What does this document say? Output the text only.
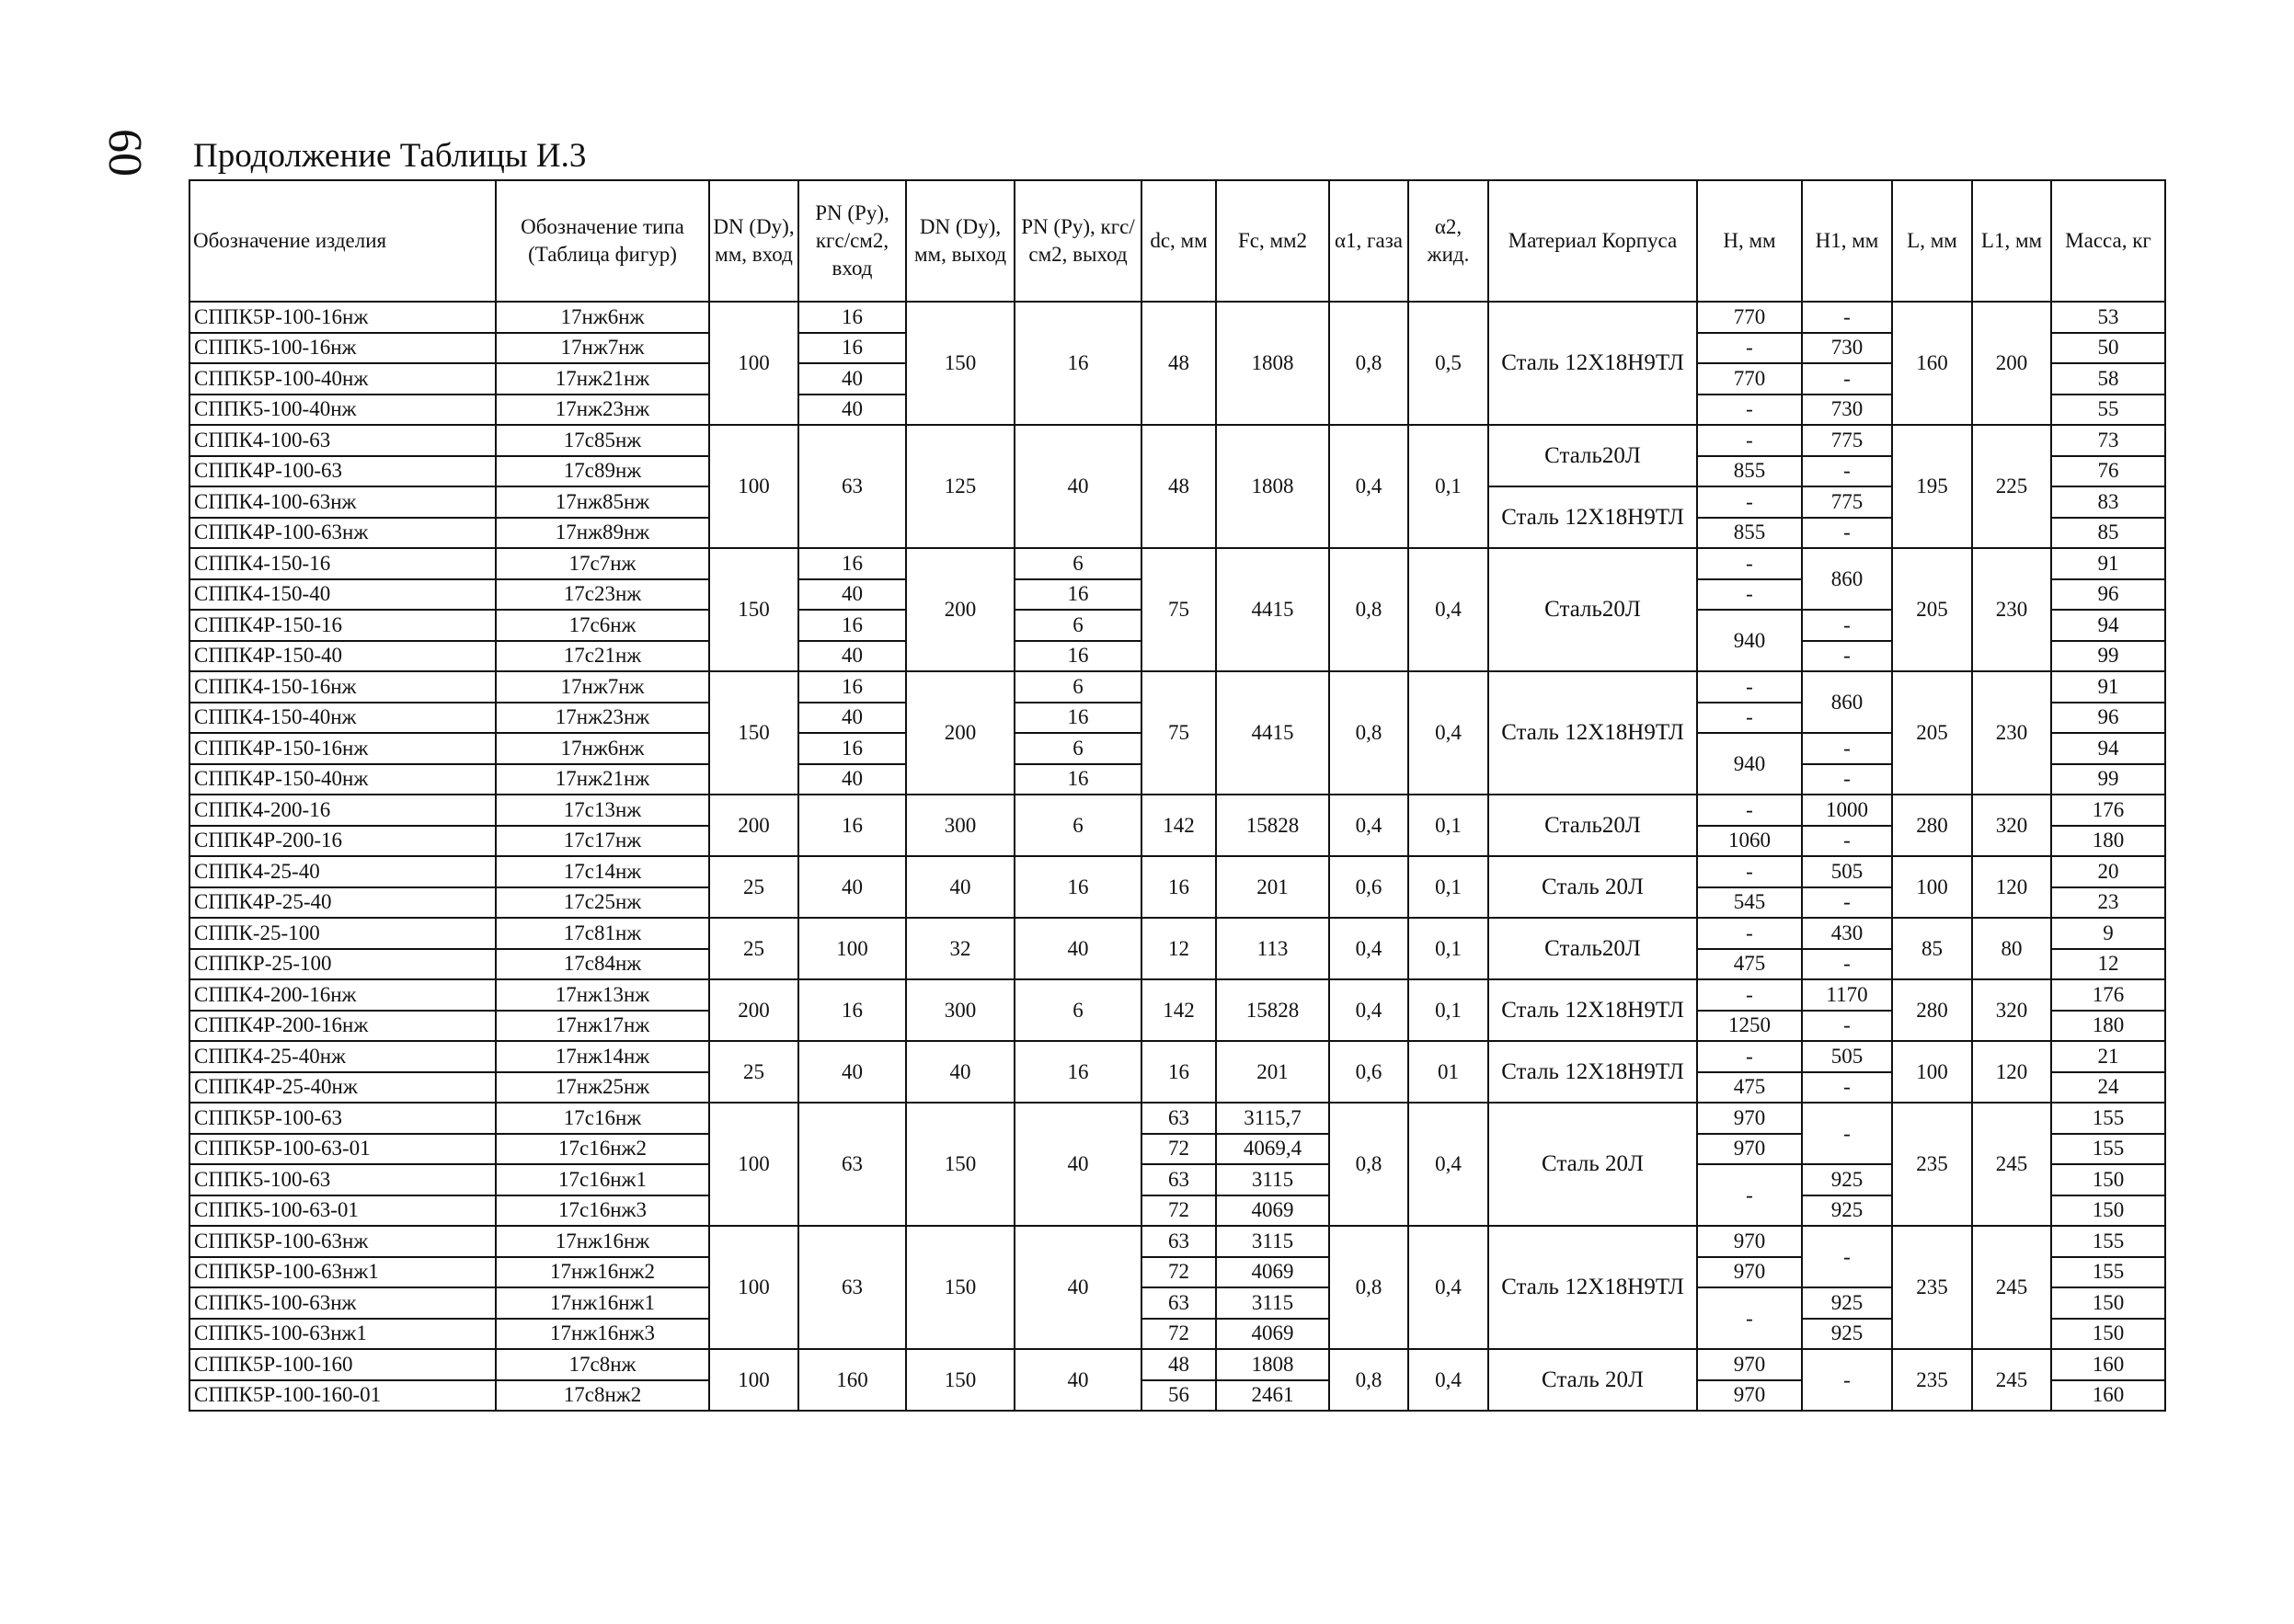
60 Продолжение Таблицы И.3
Обозначение изделия	Обозначение типа (Таблица фигур)	DN (Dy), мм, вход	PN (Py), кгс/см2, вход	DN (Dy), мм, выход	PN (Py), кгс/см2, выход	dc, мм	Fc, мм2	α1, газа	α2, жид.	Материал Корпуса	H, мм	H1, мм	L, мм	L1, мм	Масса, кг
СППК5Р-100-16нж	17нж6нж	100	16	150	16	48	1808	0,8	0,5	Сталь 12Х18Н9ТЛ	770	-	160	200	53
СППК5-100-16нж	17нж7нж		16								-	730			50
СППК5Р-100-40нж	17нж21нж		40								770	-			58
СППК5-100-40нж	17нж23нж		40								-	730			55
СППК4-100-63	17с85нж	100	63	125	40	48	1808	0,4	0,1	Сталь20Л	-	775	195	225	73
СППК4Р-100-63	17с89нж										855	-			76
СППК4-100-63нж	17нж85нж									Сталь 12Х18Н9ТЛ	-	775			83
СППК4Р-100-63нж	17нж89нж										855	-			85
СППК4-150-16	17с7нж	150	16	200	6	75	4415	0,8	0,4	Сталь20Л	-	860	205	230	91
СППК4-150-40	17с23нж		40		16						-				96
СППК4Р-150-16	17с6нж		16		6						940	-			94
СППК4Р-150-40	17с21нж		40		16							-			99
СППК4-150-16нж	17нж7нж	150	16	200	6	75	4415	0,8	0,4	Сталь 12Х18Н9ТЛ	-	860	205	230	91
СППК4-150-40нж	17нж23нж		40		16						-				96
СППК4Р-150-16нж	17нж6нж		16		6						940	-			94
СППК4Р-150-40нж	17нж21нж		40		16							-			99
СППК4-200-16	17с13нж	200	16	300	6	142	15828	0,4	0,1	Сталь20Л	-	1000	280	320	176
СППК4Р-200-16	17с17нж										1060	-			180
СППК4-25-40	17с14нж	25	40	40	16	16	201	0,6	0,1	Сталь 20Л	-	505	100	120	20
СППК4Р-25-40	17с25нж										545	-			23
СППК-25-100	17с81нж	25	100	32	40	12	113	0,4	0,1	Сталь20Л	-	430	85	80	9
СППКР-25-100	17с84нж										475	-			12
СППК4-200-16нж	17нж13нж	200	16	300	6	142	15828	0,4	0,1	Сталь 12Х18Н9ТЛ	-	1170	280	320	176
СППК4Р-200-16нж	17нж17нж										1250	-			180
СППК4-25-40нж	17нж14нж	25	40	40	16	16	201	0,6	01	Сталь 12Х18Н9ТЛ	-	505	100	120	21
СППК4Р-25-40нж	17нж25нж										475	-			24
СППК5Р-100-63	17с16нж	100	63	150	40	63	3115,7	0,8	0,4	Сталь 20Л	970	-	235	245	155
СППК5Р-100-63-01	17с16нж2					72	4069,4				970				155
СППК5-100-63	17с16нж1					63	3115				-	925			150
СППК5-100-63-01	17с16нж3					72	4069					925			150
СППК5Р-100-63нж	17нж16нж	100	63	150	40	63	3115	0,8	0,4	Сталь 12Х18Н9ТЛ	970	-	235	245	155
СППК5Р-100-63нж1	17нж16нж2					72	4069				970				155
СППК5-100-63нж	17нж16нж1					63	3115				-	925			150
СППК5-100-63нж1	17нж16нж3					72	4069					925			150
СППК5Р-100-160	17с8нж	100	160	150	40	48	1808	0,8	0,4	Сталь 20Л	970	-	235	245	160
СППК5Р-100-160-01	17с8нж2					56	2461				970				160
